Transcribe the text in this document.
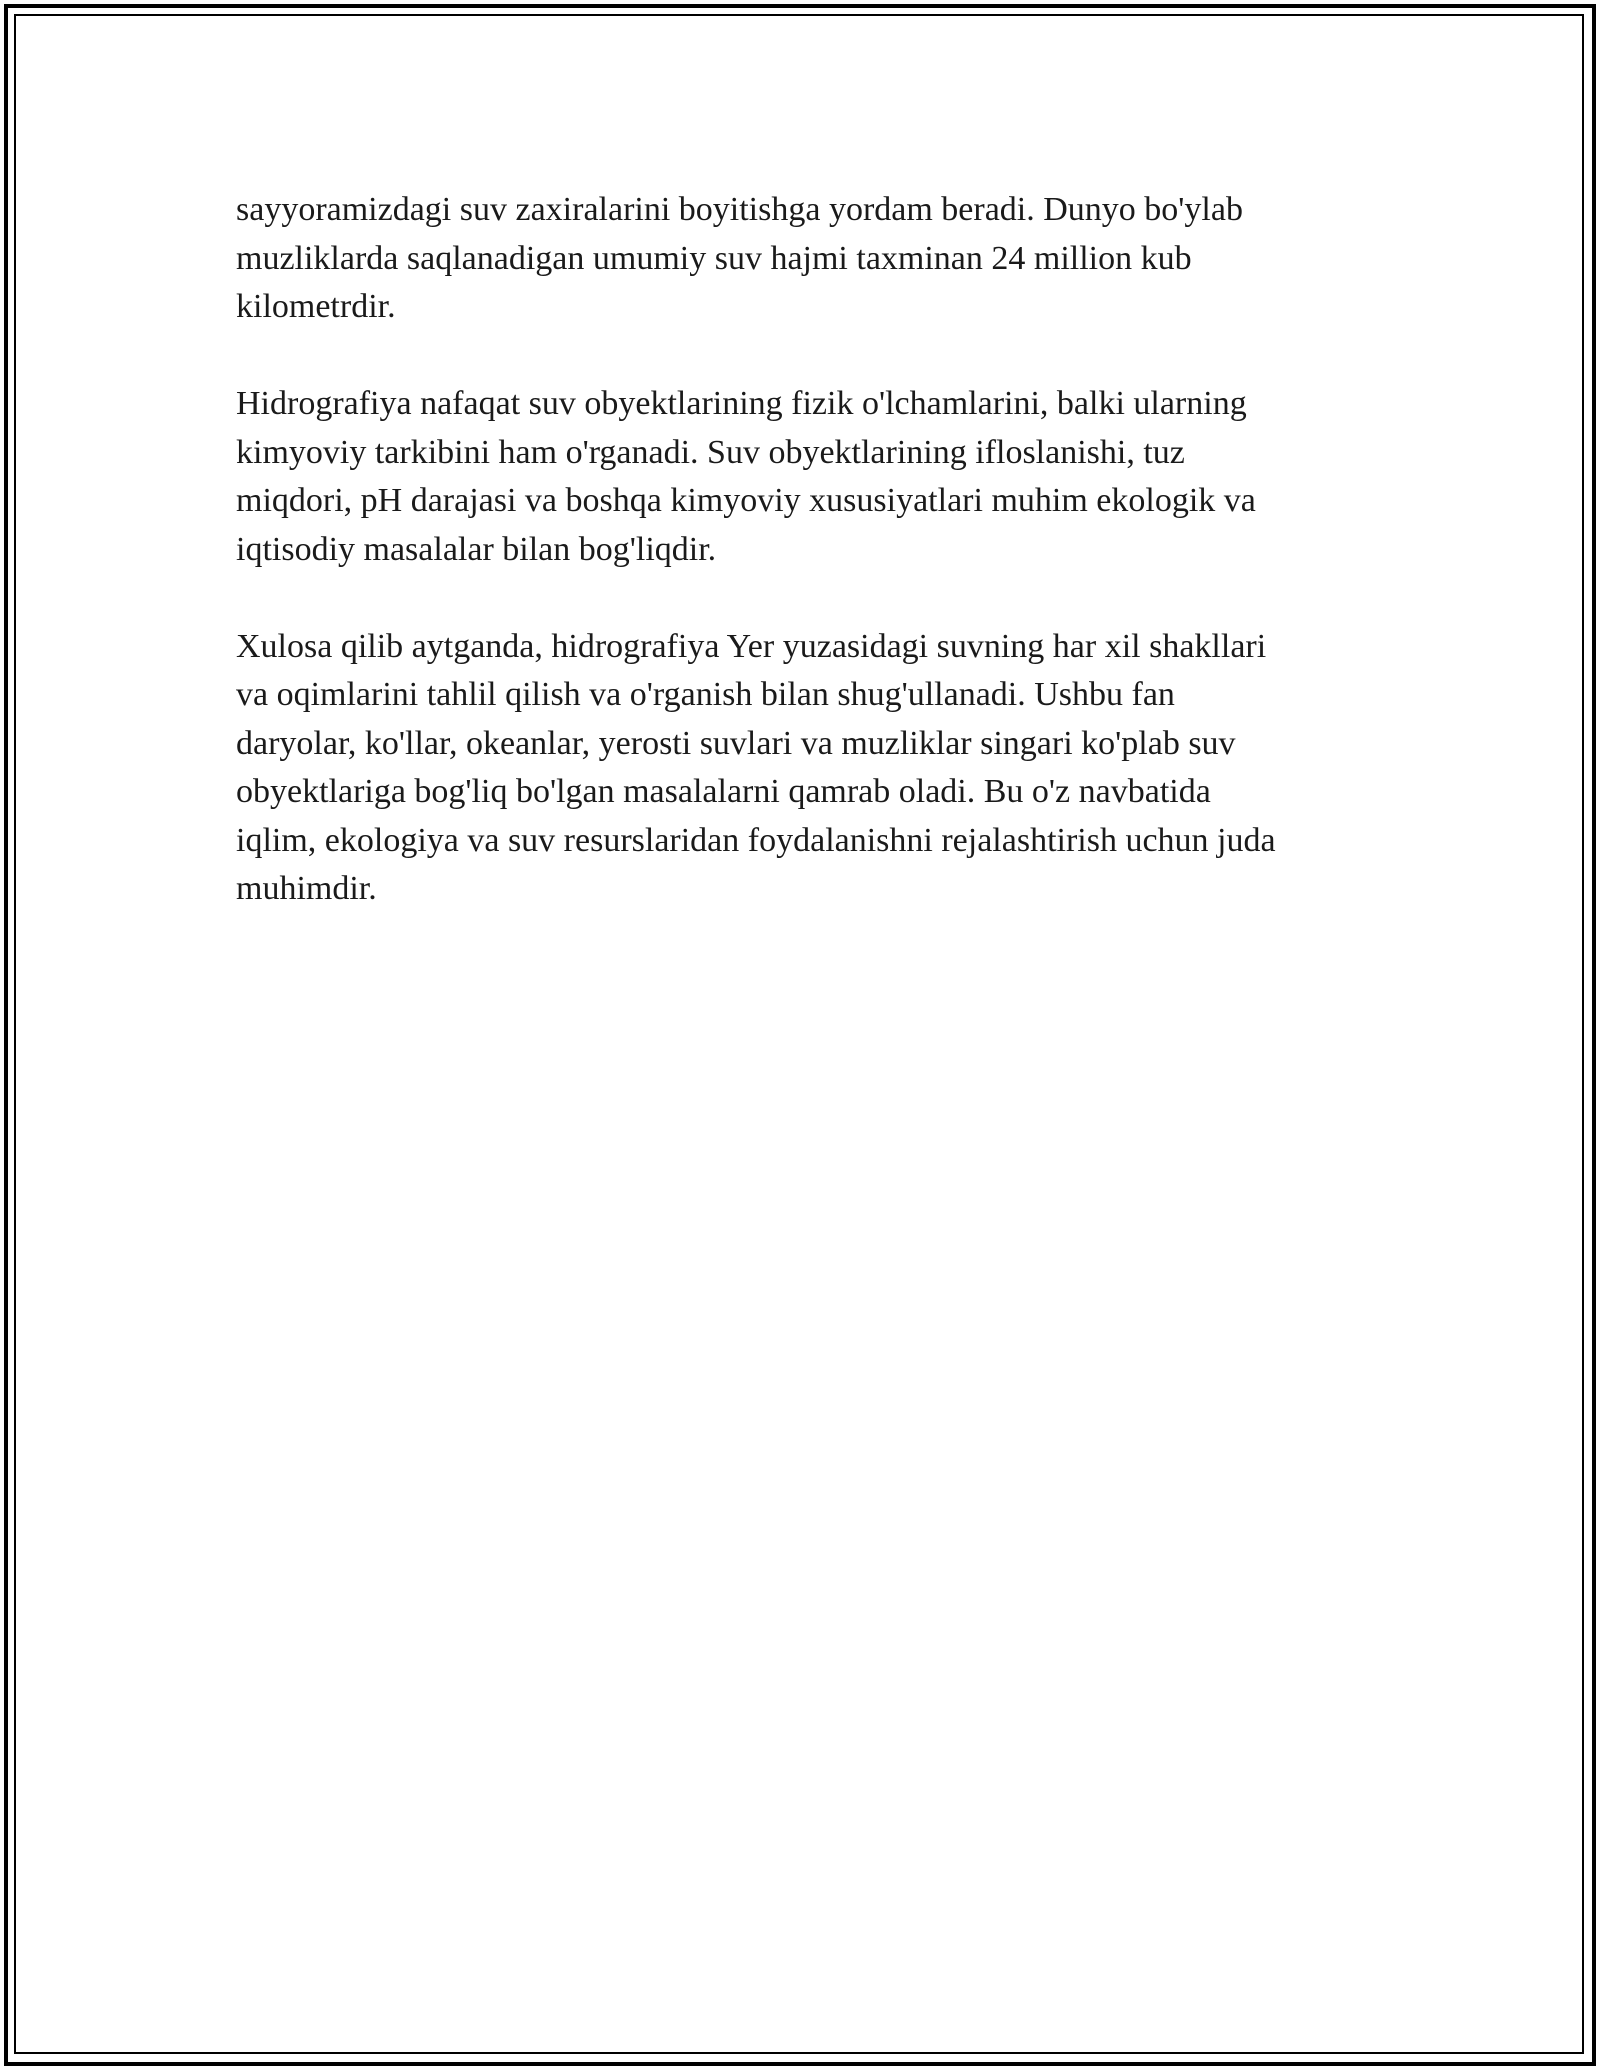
sayyoramizdagi suv zaxiralarini boyitishga yordam beradi. Dunyo bo'ylab
muzliklarda saqlanadigan umumiy suv hajmi taxminan 24 million kub
kilometrdir.

Hidrografiya nafaqat suv obyektlarining fizik o'lchamlarini, balki ularning
kimyoviy tarkibini ham o'rganadi. Suv obyektlarining ifloslanishi, tuz
miqdori, pH darajasi va boshqa kimyoviy xususiyatlari muhim ekologik va
iqtisodiy masalalar bilan bog'liqdir.

Xulosa qilib aytganda, hidrografiya Yer yuzasidagi suvning har xil shakllari
va oqimlarini tahlil qilish va o'rganish bilan shug'ullanadi. Ushbu fan
daryolar, ko'llar, okeanlar, yerosti suvlari va muzliklar singari ko'plab suv
obyektlariga bog'liq bo'lgan masalalarni qamrab oladi. Bu o'z navbatida
iqlim, ekologiya va suv resurslaridan foydalanishni rejalashtirish uchun juda
muhimdir.
